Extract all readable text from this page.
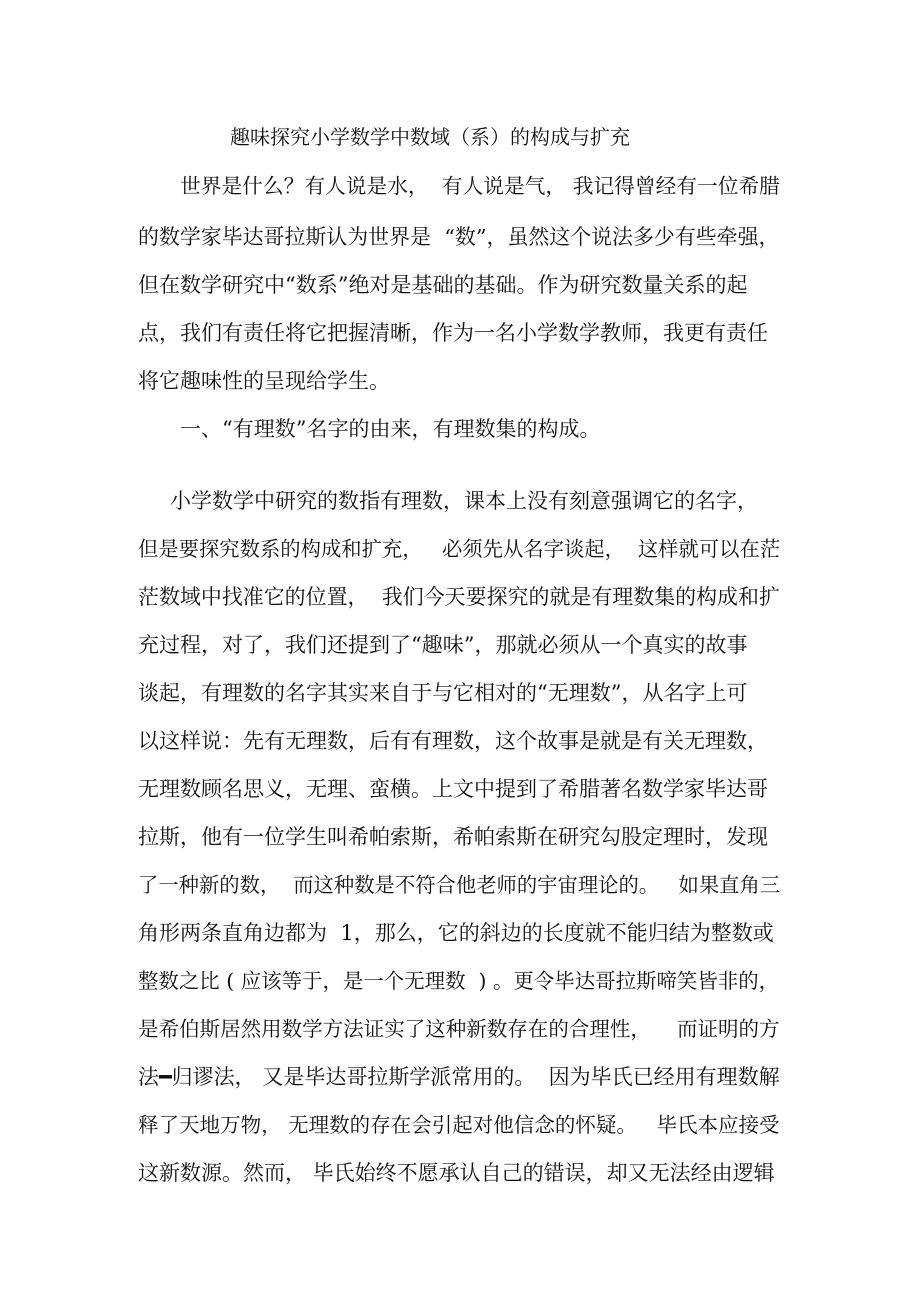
趣味探究小学数学中数域（系）的构成与扩充

世界是什么？有人说是水，  有人说是气， 我记得曾经有一位希腊

的数学家毕达哥拉斯认为世界是  “数”，虽然这个说法多少有些牵强，

但在数学研究中“数系”绝对是基础的基础。作为研究数量关系的起

点，我们有责任将它把握清晰，作为一名小学数学教师，我更有责任

将它趣味性的呈现给学生。

一、“有理数”名字的由来，有理数集的构成。

小学数学中研究的数指有理数，课本上没有刻意强调它的名字，

但是要探究数系的构成和扩充，   必须先从名字谈起，  这样就可以在茫

茫数域中找准它的位置，  我们今天要探究的就是有理数集的构成和扩

充过程，对了，我们还提到了“趣味”，那就必须从一个真实的故事

谈起，有理数的名字其实来自于与它相对的“无理数”，从名字上可

以这样说：先有无理数，后有有理数，这个故事是就是有关无理数，

无理数顾名思义，无理、蛮横。上文中提到了希腊著名数学家毕达哥

拉斯，他有一位学生叫希帕索斯，希帕索斯在研究勾股定理时，发现

了一种新的数，  而这种数是不符合他老师的宇宙理论的。   如果直角三

角形两条直角边都为  1，那么，它的斜边的长度就不能归结为整数或

整数之比 ( 应该等于，是一个无理数  ) 。更令毕达哥拉斯啼笑皆非的，

是希伯斯居然用数学方法证实了这种新数存在的合理性，    而证明的方

法━归谬法， 又是毕达哥拉斯学派常用的。  因为毕氏已经用有理数解

释了天地万物， 无理数的存在会引起对他信念的怀疑。   毕氏本应接受

这新数源。然而， 毕氏始终不愿承认自己的错误，却又无法经由逻辑
